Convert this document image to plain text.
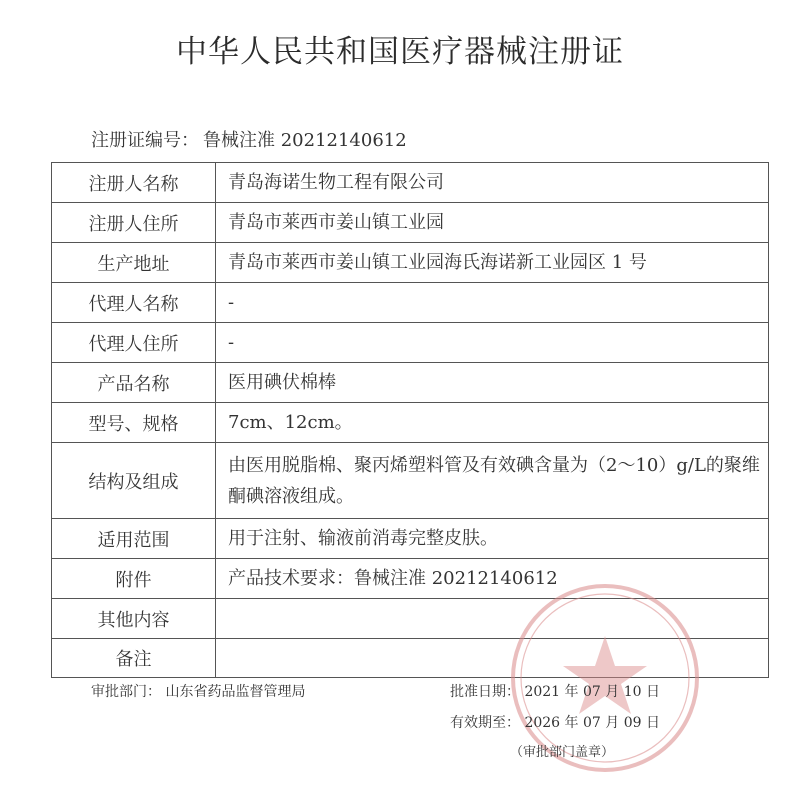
中华人民共和国医疗器械注册证
注册证编号： 鲁械注准 20212140612
注册人名称	青岛海诺生物工程有限公司
注册人住所	青岛市莱西市姜山镇工业园
生产地址	青岛市莱西市姜山镇工业园海氏海诺新工业园区 1 号
代理人名称	-
代理人住所	-
产品名称	医用碘伏棉棒
型号、规格	7cm、12cm。
结构及组成	由医用脱脂棉、聚丙烯塑料管及有效碘含量为（2～10）g/L的聚维酮碘溶液组成。
适用范围	用于注射、输液前消毒完整皮肤。
附件	产品技术要求：鲁械注准 20212140612
其他内容	
备注	
审批部门： 山东省药品监督管理局	批准日期： 2021 年 07 月 10 日
有效期至： 2026 年 07 月 09 日
（审批部门盖章）
